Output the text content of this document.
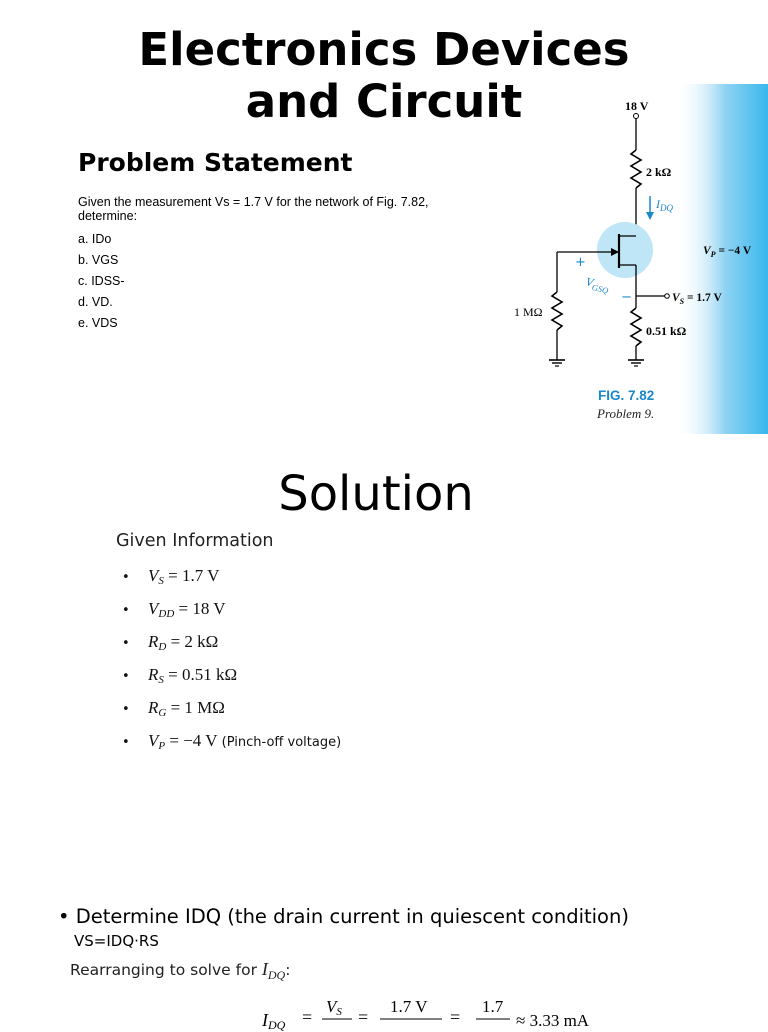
Electronics Devices
and Circuit
Problem Statement
Given the measurement Vs = 1.7 V for the network of Fig. 7.82, determine:
a. IDo
b. VGS
c. IDSS-
d. VD.
e. VDS
18 V
2 kΩ
$I_{DQ}$
$V_P = -4$ V
+
$V_{GSQ}$
−	$V_S = 1.7$ V
0.51 kΩ
FIG. 7.82
Problem 9.
1 MΩ
Solution
Given Information
• $V_S = 1.7$ V
• $V_{DD} = 18$ V
• $R_D = 2$ kΩ
• $R_S = 0.51$ kΩ
• $R_G = 1$ MΩ
• $V_P = -4$ V (Pinch-off voltage)
• Determine IDQ (the drain current in quiescent condition)
VS=IDQ·RS
Rearranging to solve for $I_{DQ}$:
IDQ =
VS =
1.7 V
=
1.7
≈ 3.33 mA
